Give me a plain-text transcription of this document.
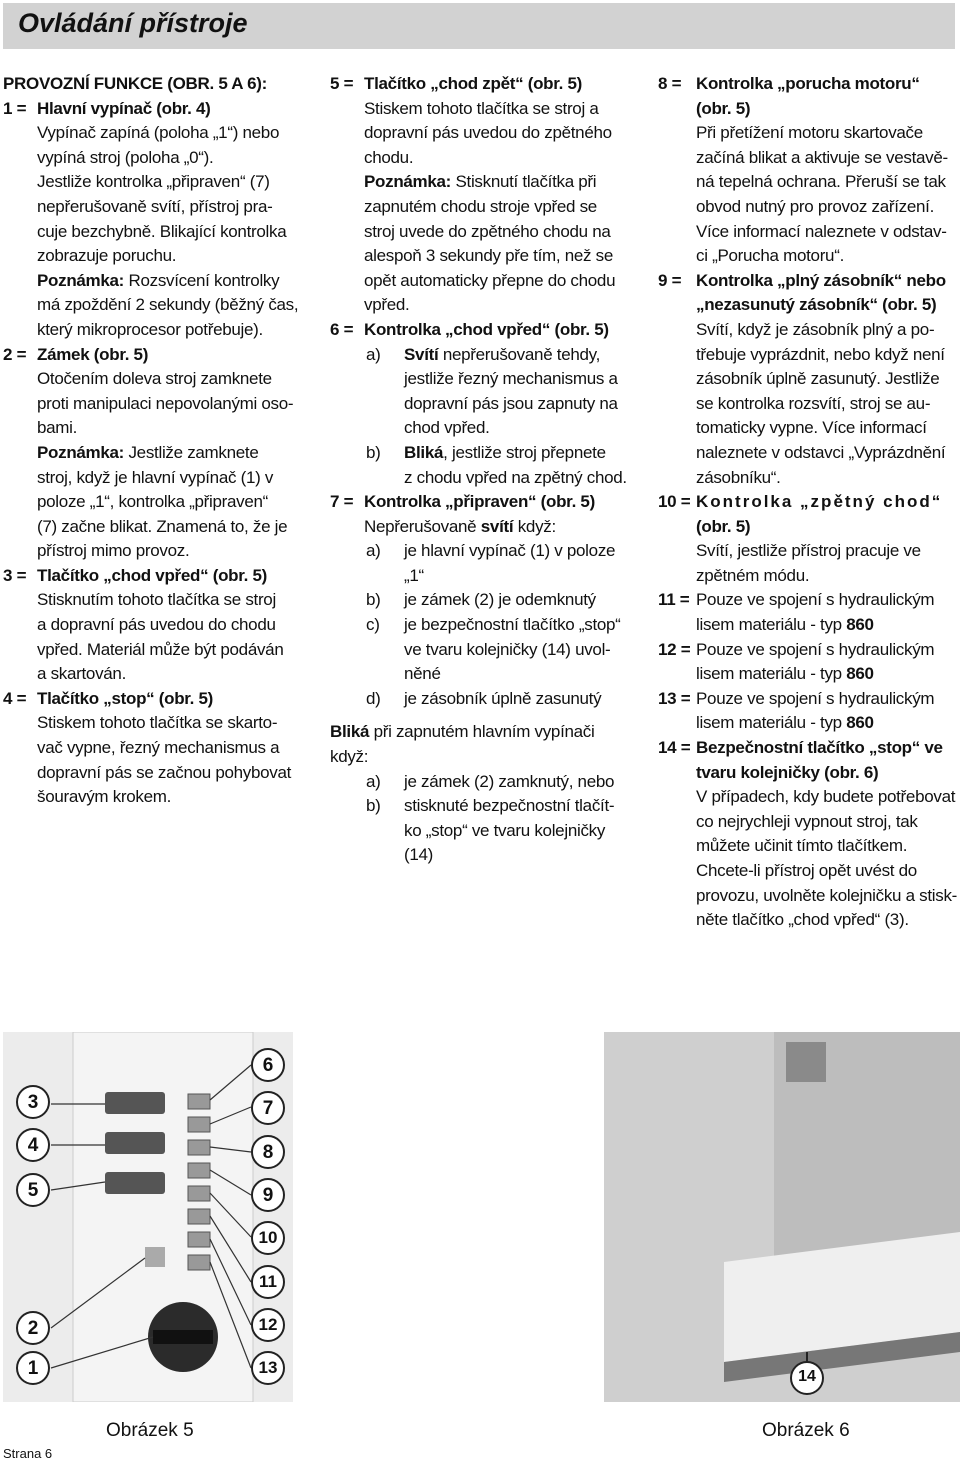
Ovládání přístroje
PROVOZNÍ FUNKCE (OBR. 5 A 6):
1 = Hlavní vypínač (obr. 4)
Vypínač zapíná (poloha „1“) nebo
vypíná stroj (poloha „0“).
Jestliže kontrolka „připraven“ (7)
nepřerušovaně svítí, přístroj pra-
cuje bezchybně. Blikající kontrolka
zobrazuje poruchu.
Poznámka: Rozsvícení kontrolky
má zpoždění 2 sekundy (běžný čas,
který mikroprocesor potřebuje).
2 = Zámek (obr. 5)
Otočením doleva stroj zamknete
proti manipulaci nepovolanými oso-
bami.
Poznámka: Jestliže zamknete
stroj, když je hlavní vypínač (1) v
poloze „1“, kontrolka „připraven“
(7) začne blikat. Znamená to, že je
přístroj mimo provoz.
3 = Tlačítko „chod vpřed“ (obr. 5)
Stisknutím tohoto tlačítka se stroj
a dopravní pás uvedou do chodu
vpřed. Materiál může být podáván
a skartován.
4 = Tlačítko „stop“ (obr. 5)
Stiskem tohoto tlačítka se skarto-
vač vypne, řezný mechanismus a
dopravní pás se začnou pohybovat
šouravým krokem.
5 = Tlačítko „chod zpět“ (obr. 5)
Stiskem tohoto tlačítka se stroj a
dopravní pás uvedou do zpětného
chodu.
Poznámka: Stisknutí tlačítka při
zapnutém chodu stroje vpřed se
stroj uvede do zpětného chodu na
alespoň 3 sekundy pře tím, než se
opět automaticky přepne do chodu
vpřed.
6 = Kontrolka „chod vpřed“ (obr. 5)
a)	Svítí nepřerušovaně tehdy,
jestliže řezný mechanismus a
dopravní pás jsou zapnuty na
chod vpřed.
b)	Bliká, jestliže stroj přepnete
z chodu vpřed na zpětný chod.
7 = Kontrolka „připraven“ (obr. 5)
Nepřerušovaně svítí když:
a)	je hlavní vypínač (1) v poloze
„1“
b)	je zámek (2) je odemknutý
c)	je bezpečnostní tlačítko „stop“
ve tvaru kolejničky (14) uvol-
něné
d)	je zásobník úplně zasunutý
Bliká při zapnutém hlavním vypínači
když:
a)	je zámek (2) zamknutý, nebo
b)	stisknuté bezpečnostní tlačít-
ko „stop“ ve tvaru kolejničky
(14)
8 = Kontrolka „porucha motoru“
(obr. 5)
Při přetížení motoru skartovače
začíná blikat a aktivuje se vestavě-
ná tepelná ochrana. Přeruší se tak
obvod nutný pro provoz zařízení.
Více informací naleznete v odstav-
ci „Porucha motoru“.
9 = Kontrolka „plný zásobník“ nebo
„nezasunutý zásobník“ (obr. 5)
Svítí, když je zásobník plný a po-
třebuje vyprázdnit, nebo když není
zásobník úplně zasunutý. Jestliže
se kontrolka rozsvítí, stroj se au-
tomaticky vypne. Více informací
naleznete v odstavci „Vyprázdnění
zásobníku“.
10 = Kontrolka „zpětný chod“
(obr. 5)
Svítí, jestliže přístroj pracuje ve
zpětném módu.
11 = Pouze ve spojení s hydraulickým
lisem materiálu - typ 860
12 = Pouze ve spojení s hydraulickým
lisem materiálu - typ 860
13 = Pouze ve spojení s hydraulickým
lisem materiálu - typ 860
14 = Bezpečnostní tlačítko „stop“ ve
tvaru kolejničky (obr. 6)
V případech, kdy budete potřebovat
co nejrychleji vypnout stroj, tak
můžete učinit tímto tlačítkem.
Chcete-li přístroj opět uvést do
provozu, uvolněte kolejničku a stisk-
něte tlačítko „chod vpřed“ (3).
3
4
5
2
1
6
7
8
9
10
11
12
13	14
Obrázek 5	Obrázek 6
Strana 6
